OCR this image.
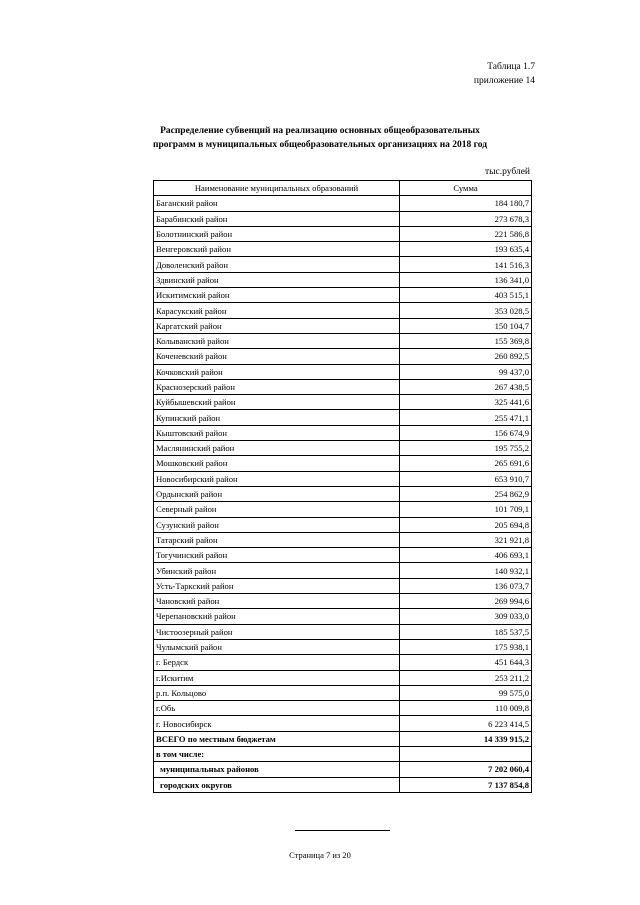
Таблица 1.7
приложение 14
Распределение субвенций на реализацию основных общеобразовательных
программ в муниципальных общеобразовательных организациях на 2018 год
тыс.рублей
Наименование муниципальных образований	Сумма
Баганский район	184 180,7
Барабинский район	273 678,3
Болотнинский район	221 586,8
Венгеровский район	193 635,4
Доволенский район	141 516,3
Здвинский район	136 341,0
Искитимский район	403 515,1
Карасукский район	353 028,5
Каргатский район	150 104,7
Колыванский район	155 369,8
Коченевский район	260 892,5
Кочковский район	99 437,0
Краснозерский район	267 438,5
Куйбышевский район	325 441,6
Купинский район	255 471,1
Кыштовский район	156 674,9
Маслянинский район	195 755,2
Мошковский район	265 691,6
Новосибирский район	653 910,7
Ордынский район	254 862,9
Северный район	101 709,1
Сузунский район	205 694,8
Татарский район	321 921,8
Тогучинский район	406 693,1
Убинский район	140 932,1
Усть-Таркский район	136 073,7
Чановский район	269 994,6
Черепановский район	309 033,0
Чистоозерный район	185 537,5
Чулымский район	175 938,1
г. Бердск	451 644,3
г.Искитим	253 211,2
р.п. Кольцово	99 575,0
г.Обь	110 009,8
г. Новосибирск	6 223 414,5
ВСЕГО по местным бюджетам	14 339 915,2
в том числе:	
муниципальных районов	7 202 060,4
городских округов	7 137 854,8
Страница 7 из 20
